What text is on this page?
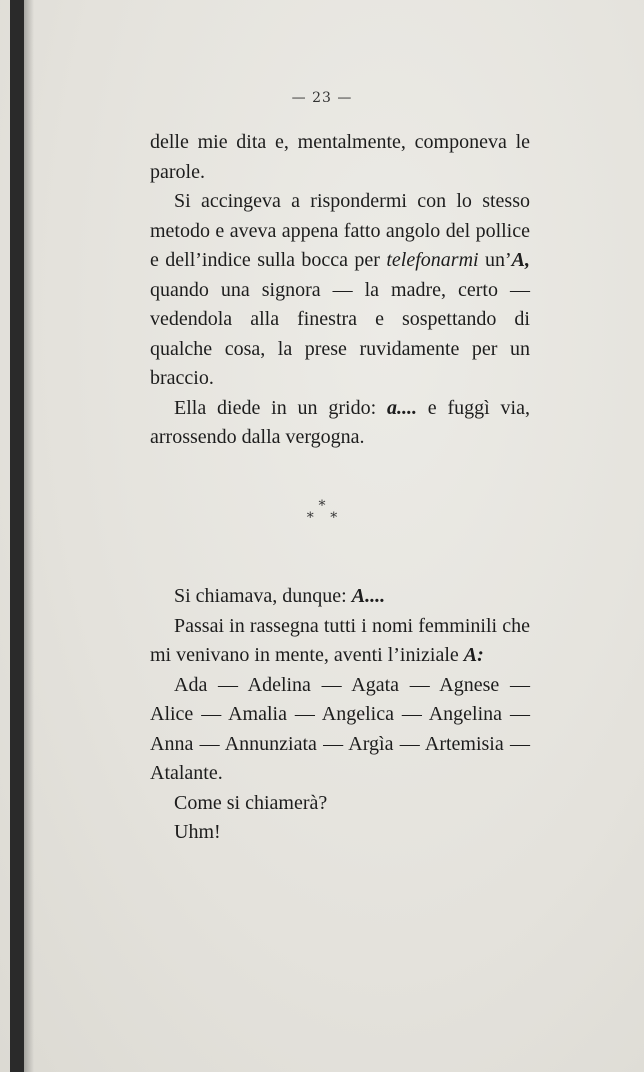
— 23 —

delle mie dita e, mentalmente, componeva le parole.

Si accingeva a rispondermi con lo stesso metodo e aveva appena fatto angolo del pollice e dell’indice sulla bocca per telefonarmi un’A, quando una signora — la madre, certo — vedendola alla finestra e sospettando di qualche cosa, la prese ruvidamente per un braccio.

Ella diede in un grido: a.... e fuggì via, arrossendo dalla vergogna.

*
* *

Si chiamava, dunque: A....

Passai in rassegna tutti i nomi femminili che mi venivano in mente, aventi l’iniziale A:

Ada — Adelina — Agata — Agnese — Alice — Amalia — Angelica — Angelina — Anna — Annunziata — Argìa — Artemisia — Atalante.

Come si chiamerà?

Uhm!
